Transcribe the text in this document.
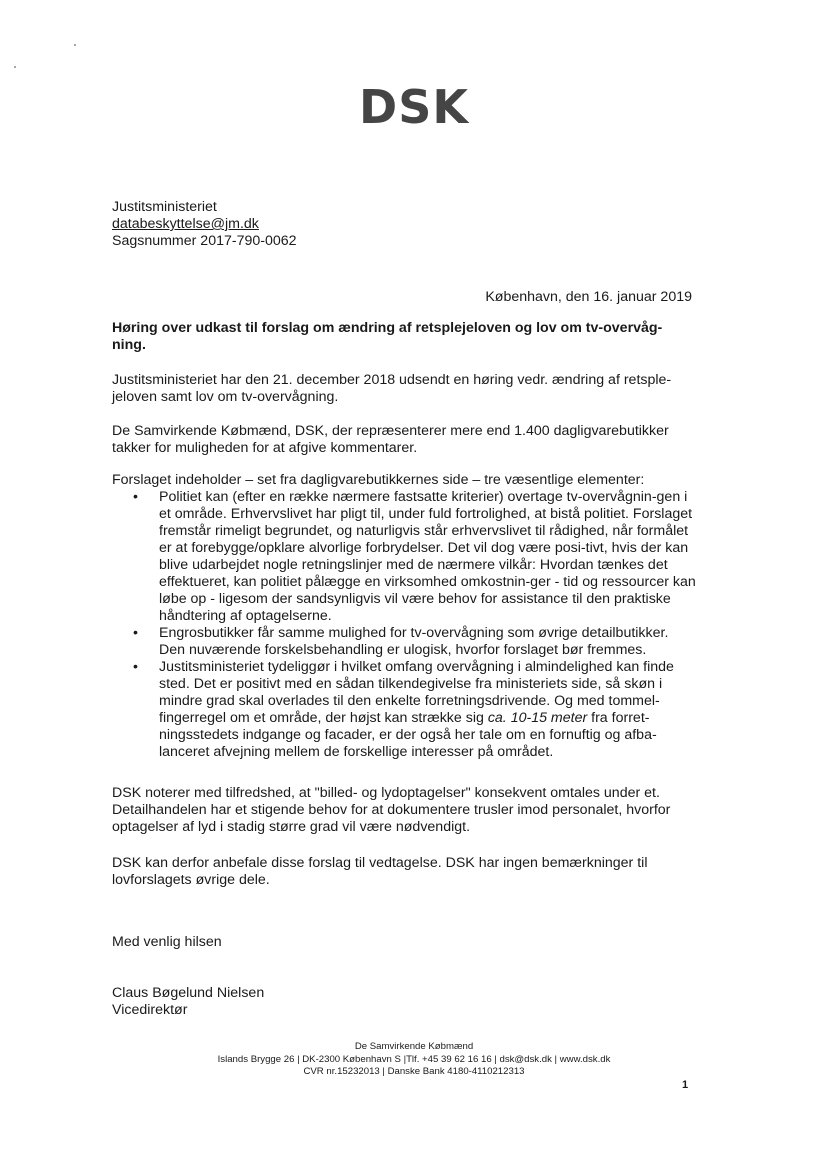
DSK
Justitsministeriet
databeskyttelse@jm.dk
Sagsnummer 2017-790-0062
København, den 16. januar 2019
Høring over udkast til forslag om ændring af retsplejeloven og lov om tv-overvåg-ning.
Justitsministeriet har den 21. december 2018 udsendt en høring vedr. ændring af retsple-jeloven samt lov om tv-overvågning.
De Samvirkende Købmænd, DSK, der repræsenterer mere end 1.400 dagligvarebutikker takker for muligheden for at afgive kommentarer.
Forslaget indeholder – set fra dagligvarebutikkernes side – tre væsentlige elementer:
• Politiet kan (efter en række nærmere fastsatte kriterier) overtage tv-overvågnin-gen i et område. Erhvervslivet har pligt til, under fuld fortrolighed, at bistå politiet. Forslaget fremstår rimeligt begrundet, og naturligvis står erhvervslivet til rådighed, når formålet er at forebygge/opklare alvorlige forbrydelser. Det vil dog være posi-tivt, hvis der kan blive udarbejdet nogle retningslinjer med de nærmere vilkår: Hvordan tænkes det effektueret, kan politiet pålægge en virksomhed omkostnin-ger - tid og ressourcer kan løbe op - ligesom der sandsynligvis vil være behov for assistance til den praktiske håndtering af optagelserne.
• Engrosbutikker får samme mulighed for tv-overvågning som øvrige detailbutikker. Den nuværende forskelsbehandling er ulogisk, hvorfor forslaget bør fremmes.
• Justitsministeriet tydeliggør i hvilket omfang overvågning i almindelighed kan finde sted. Det er positivt med en sådan tilkendegivelse fra ministeriets side, så skøn i mindre grad skal overlades til den enkelte forretningsdrivende. Og med tommel-fingerregel om et område, der højst kan strække sig ca. 10-15 meter fra forret-ningsstedets indgange og facader, er der også her tale om en fornuftig og afba-lanceret afvejning mellem de forskellige interesser på området.
DSK noterer med tilfredshed, at "billed- og lydoptagelser" konsekvent omtales under et. Detailhandelen har et stigende behov for at dokumentere trusler imod personalet, hvorfor optagelser af lyd i stadig større grad vil være nødvendigt.
DSK kan derfor anbefale disse forslag til vedtagelse. DSK har ingen bemærkninger til lovforslagets øvrige dele.
Med venlig hilsen
Claus Bøgelund Nielsen
Vicedirektør
De Samvirkende Købmænd
Islands Brygge 26 | DK-2300 København S |Tlf. +45 39 62 16 16 | dsk@dsk.dk | www.dsk.dk
CVR nr.15232013 | Danske Bank 4180-4110212313
1
